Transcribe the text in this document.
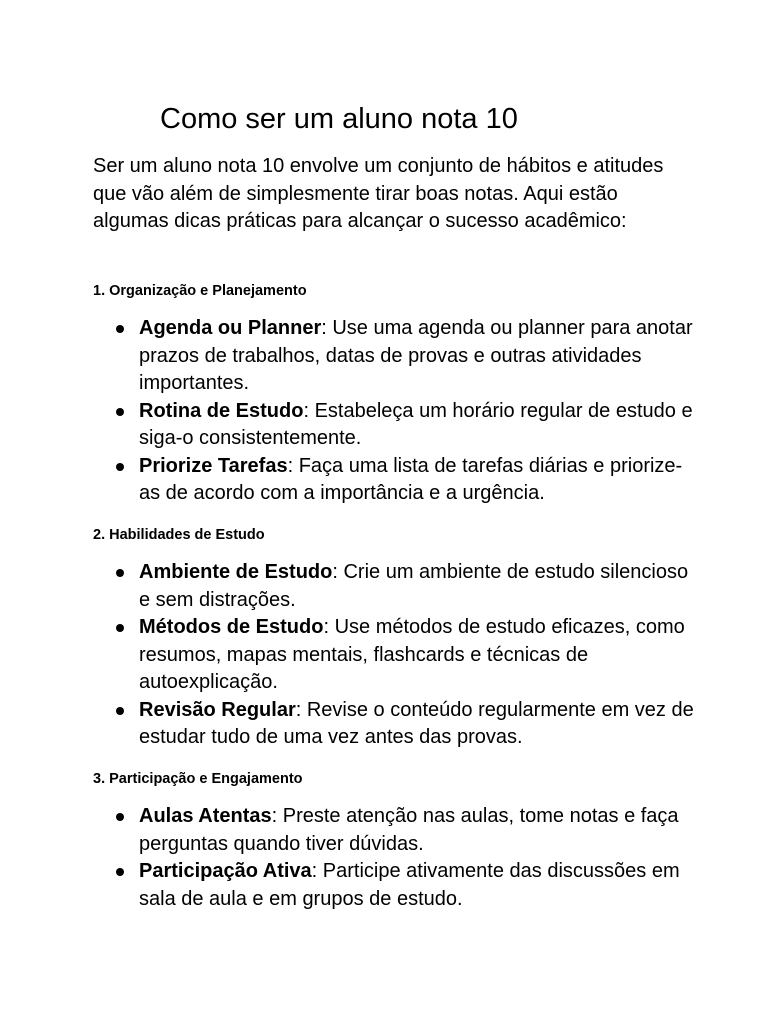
Como ser um aluno nota 10

Ser um aluno nota 10 envolve um conjunto de hábitos e atitudes que vão além de simplesmente tirar boas notas. Aqui estão algumas dicas práticas para alcançar o sucesso acadêmico:

1. Organização e Planejamento
Agenda ou Planner: Use uma agenda ou planner para anotar prazos de trabalhos, datas de provas e outras atividades importantes.
Rotina de Estudo: Estabeleça um horário regular de estudo e siga-o consistentemente.
Priorize Tarefas: Faça uma lista de tarefas diárias e priorize-as de acordo com a importância e a urgência.
2. Habilidades de Estudo
Ambiente de Estudo: Crie um ambiente de estudo silencioso e sem distrações.
Métodos de Estudo: Use métodos de estudo eficazes, como resumos, mapas mentais, flashcards e técnicas de autoexplicação.
Revisão Regular: Revise o conteúdo regularmente em vez de estudar tudo de uma vez antes das provas.
3. Participação e Engajamento
Aulas Atentas: Preste atenção nas aulas, tome notas e faça perguntas quando tiver dúvidas.
Participação Ativa: Participe ativamente das discussões em sala de aula e em grupos de estudo.
